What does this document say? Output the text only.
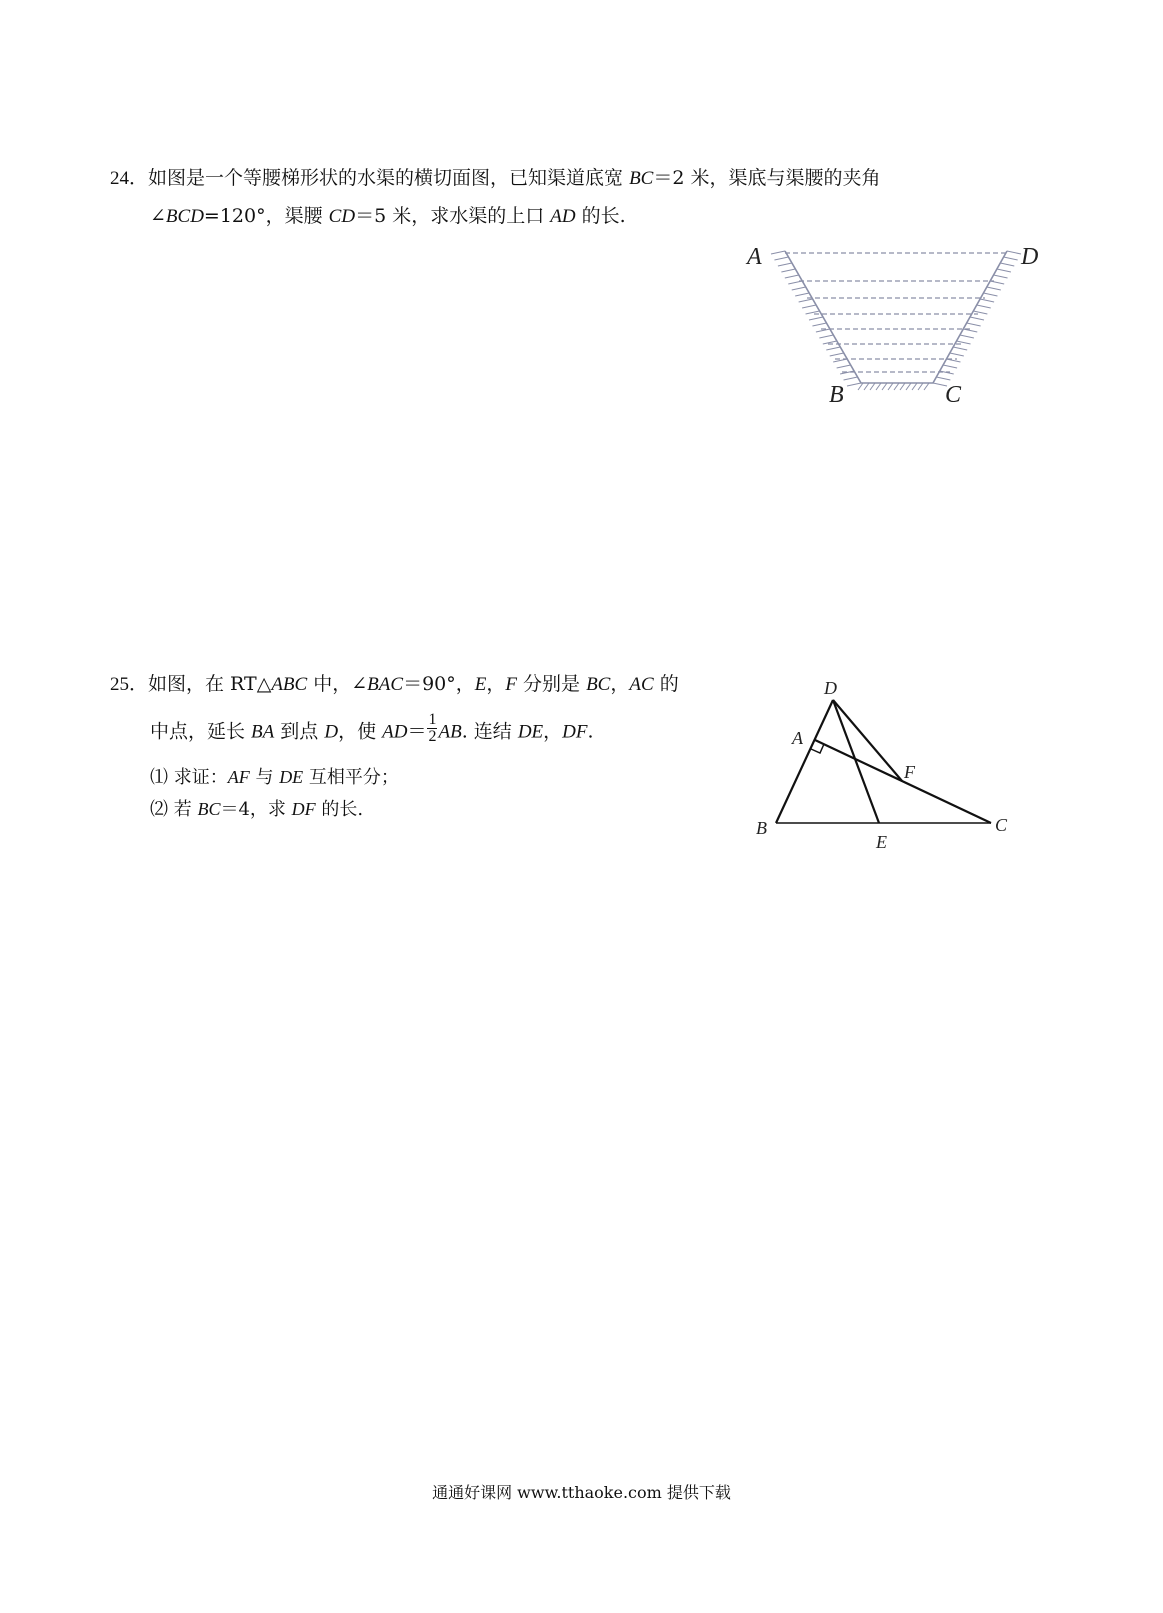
24．如图是一个等腰梯形状的水渠的横切面图，已知渠道底宽 BC＝2 米，渠底与渠腰的夹角
∠BCD=120°，渠腰 CD＝5 米，求水渠的上口 AD 的长.
A	D
B	C
25．如图，在 RT△ABC 中，∠BAC＝90°，E，F 分别是 BC，AC 的
中点，延长 BA 到点 D，使 $AD= \frac{1}{2}$ AB. 连结 DE，DF.
⑴ 求证：AF 与 DE 互相平分；
⑵ 若 BC＝4，求 DF 的长.
D
A
F
B	C
E
通通好课网 www.tthaoke.com 提供下载
